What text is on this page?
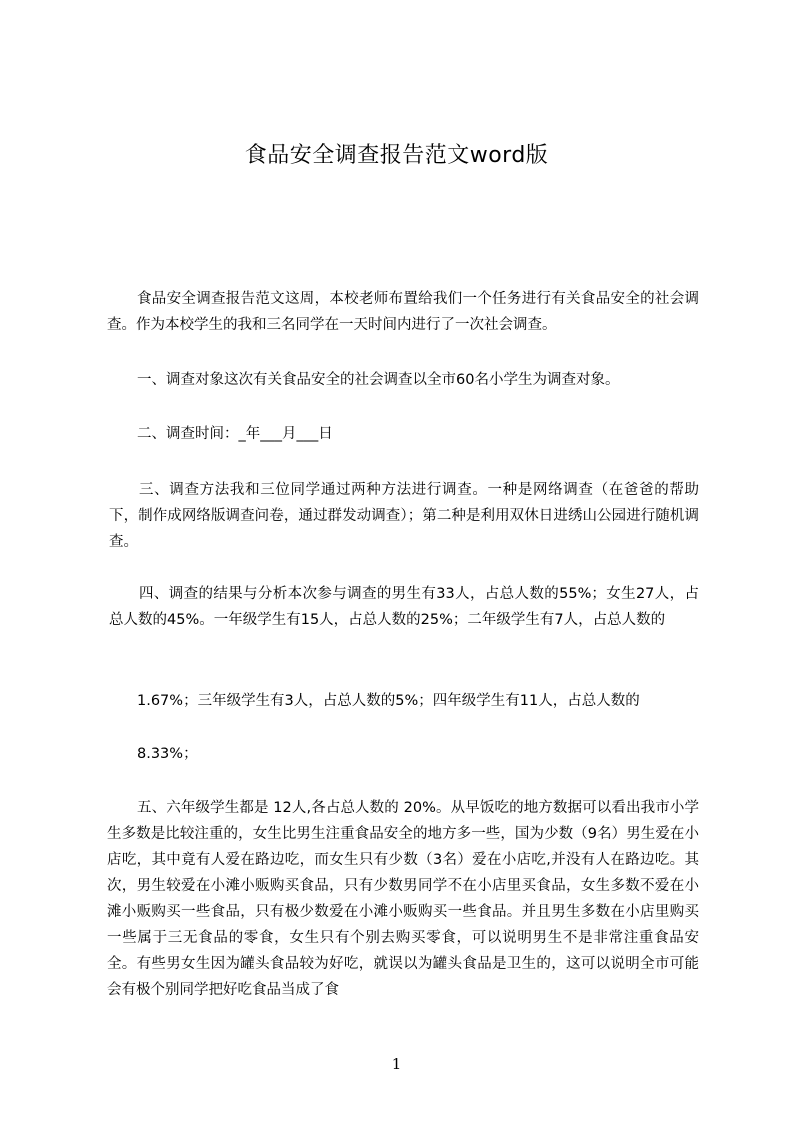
食品安全调查报告范文word版

食品安全调查报告范文这周，本校老师布置给我们一个任务进行有关食品安全的社会调查。作为本校学生的我和三名同学在一天时间内进行了一次社会调查。

一、调查对象这次有关食品安全的社会调查以全市60名小学生为调查对象。

二、调查时间：_年___月___日

三、调查方法我和三位同学通过两种方法进行调查。一种是网络调查（在爸爸的帮助下，制作成网络版调查问卷，通过群发动调查）；第二种是利用双休日进绣山公园进行随机调查。

四、调查的结果与分析本次参与调查的男生有33人，占总人数的55%；女生27人，占总人数的45%。一年级学生有15人，占总人数的25%；二年级学生有7人，占总人数的

1.67%；三年级学生有3人，占总人数的5%；四年级学生有11人，占总人数的

8.33%；

五、六年级学生都是 12人,各占总人数的 20%。从早饭吃的地方数据可以看出我市小学生多数是比较注重的，女生比男生注重食品安全的地方多一些，国为少数（9名）男生爱在小店吃，其中竟有人爱在路边吃，而女生只有少数（3名）爱在小店吃,并没有人在路边吃。其次，男生较爱在小滩小贩购买食品，只有少数男同学不在小店里买食品，女生多数不爱在小滩小贩购买一些食品，只有极少数爱在小滩小贩购买一些食品。并且男生多数在小店里购买一些属于三无食品的零食，女生只有个别去购买零食，可以说明男生不是非常注重食品安全。有些男女生因为罐头食品较为好吃，就误以为罐头食品是卫生的，这可以说明全市可能会有极个别同学把好吃食品当成了食

1
